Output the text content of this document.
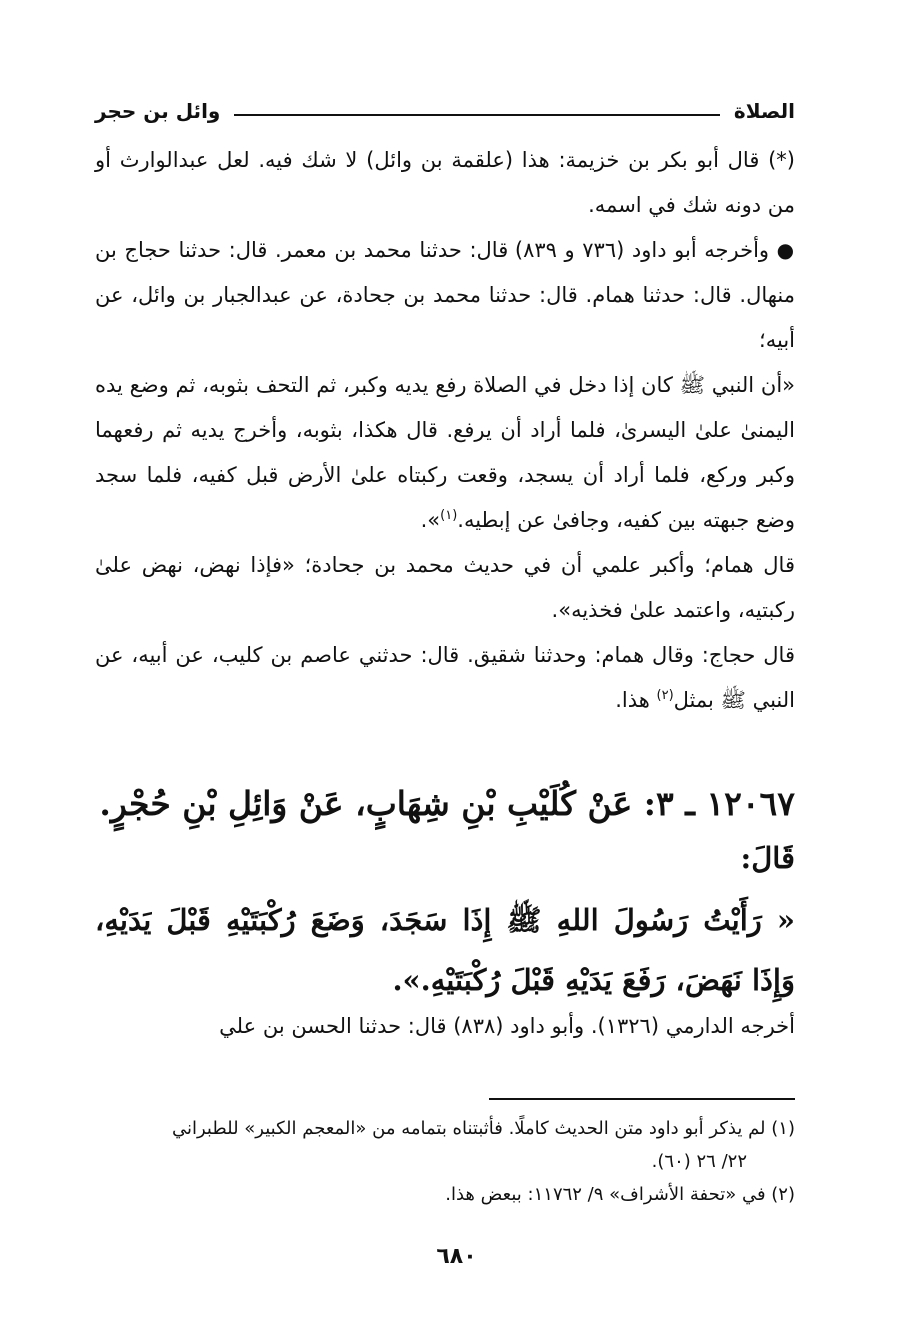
الصلاة
وائل بن حجر

(*) قال أبو بكر بن خزيمة: هذا (علقمة بن وائل) لا شك فيه. لعل عبدالوارث أو من دونه شك في اسمه.

● وأخرجه أبو داود (٧٣٦ و ٨٣٩) قال: حدثنا محمد بن معمر. قال: حدثنا حجاج بن منهال. قال: حدثنا همام. قال: حدثنا محمد بن جحادة، عن عبدالجبار بن وائل، عن أبيه؛

«أن النبي ﷺ كان إذا دخل في الصلاة رفع يديه وكبر، ثم التحف بثوبه، ثم وضع يده اليمنىٰ علىٰ اليسرىٰ، فلما أراد أن يرفع. قال هكذا، بثوبه، وأخرج يديه ثم رفعهما وكبر وركع، فلما أراد أن يسجد، وقعت ركبتاه علىٰ الأرض قبل كفيه، فلما سجد وضع جبهته بين كفيه، وجافىٰ عن إبطيه.$^{(١)}$».

قال همام؛ وأكبر علمي أن في حديث محمد بن جحادة؛ «فإذا نهض، نهض علىٰ ركبتيه، واعتمد علىٰ فخذيه».

قال حجاج: وقال همام: وحدثنا شقيق. قال: حدثني عاصم بن كليب، عن أبيه، عن النبي ﷺ بمثل$^{(٢)}$ هذا.

١٢٠٦٧ ـ ٣: عَنْ كُلَيْبِ بْنِ شِهَابٍ، عَنْ وَائِلِ بْنِ حُجْرٍ.
قَالَ:
« رَأَيْتُ رَسُولَ اللهِ ﷺ إِذَا سَجَدَ، وَضَعَ رُكْبَتَيْهِ قَبْلَ يَدَيْهِ، وَإِذَا نَهَضَ، رَفَعَ يَدَيْهِ قَبْلَ رُكْبَتَيْهِ.».
أخرجه الدارمي (١٣٢٦). وأبو داود (٨٣٨) قال: حدثنا الحسن بن علي

(١) لم يذكر أبو داود متن الحديث كاملًا. فأثبتناه بتمامه من «المعجم الكبير» للطبراني

٢٢/ ٢٦ (٦٠).

(٢) في «تحفة الأشراف» ٩/ ١١٧٦٢: ببعض هذا.

٦٨٠
